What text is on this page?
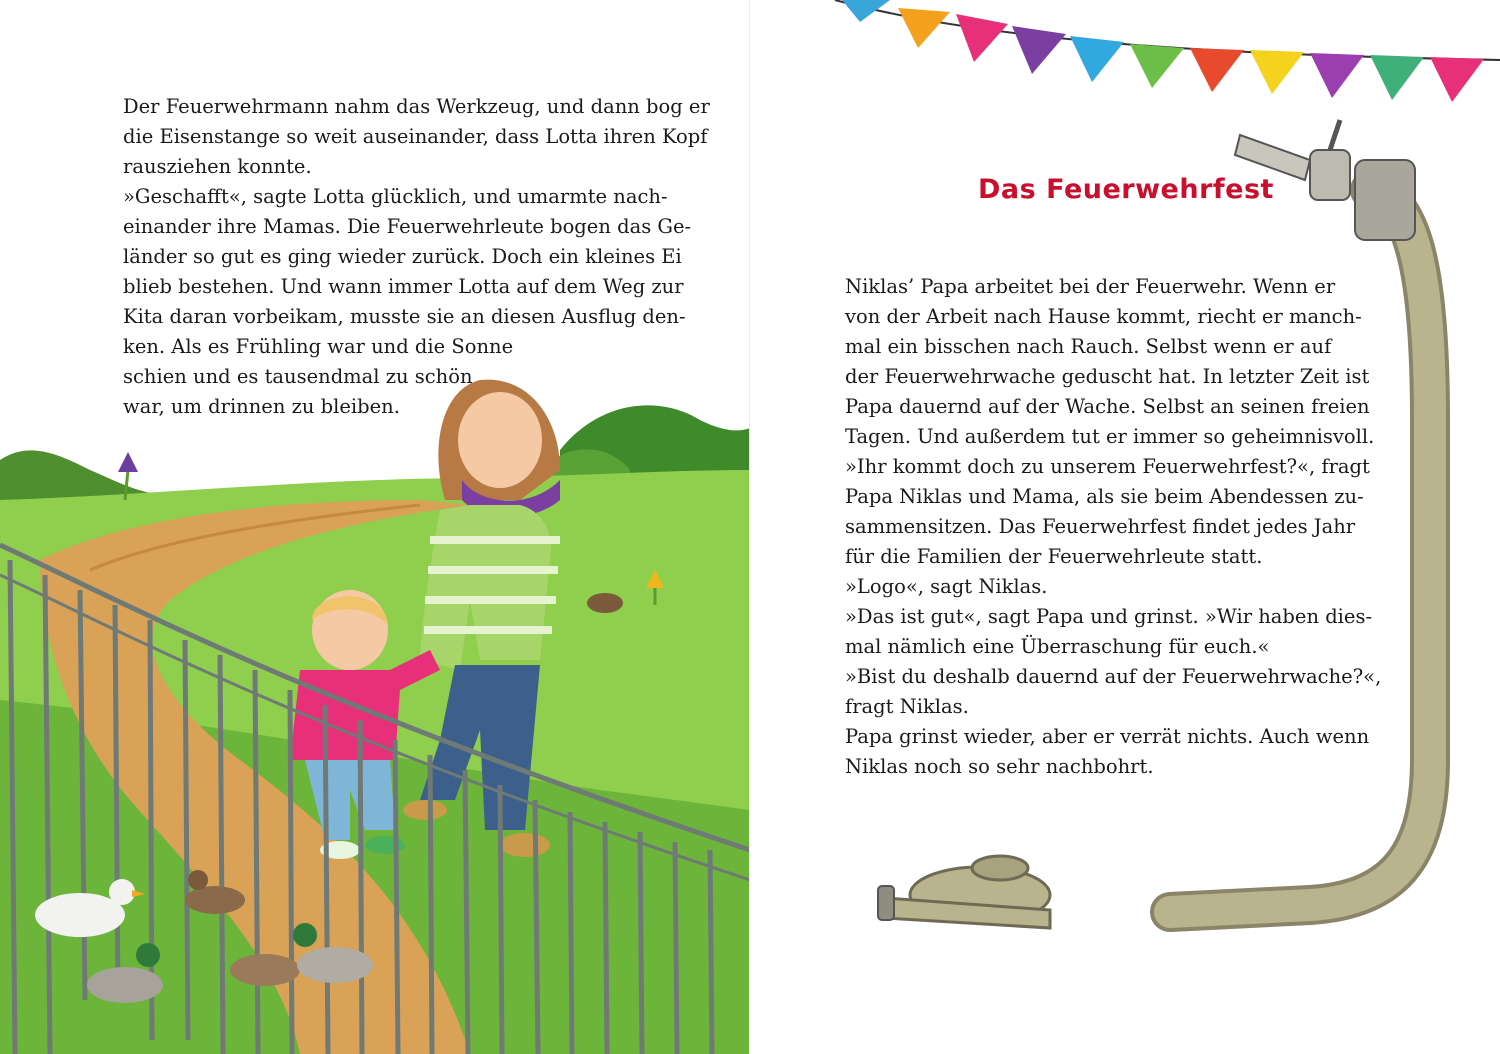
Der Feuerwehrmann nahm das Werkzeug, und dann bog er
die Eisenstange so weit auseinander, dass Lotta ihren Kopf
rausziehen konnte.
»Geschafft«, sagte Lotta glücklich, und umarmte nach-
einander ihre Mamas. Die Feuerwehrleute bogen das Ge-
länder so gut es ging wieder zurück. Doch ein kleines Ei
blieb bestehen. Und wann immer Lotta auf dem Weg zur
Kita daran vorbeikam, musste sie an diesen Ausflug den-
ken. Als es Frühling war und die Sonne
schien und es tausendmal zu schön
war, um drinnen zu bleiben.
Das Feuerwehrfest
Niklas’ Papa arbeitet bei der Feuerwehr. Wenn er
von der Arbeit nach Hause kommt, riecht er manch-
mal ein bisschen nach Rauch. Selbst wenn er auf
der Feuerwehrwache geduscht hat. In letzter Zeit ist
Papa dauernd auf der Wache. Selbst an seinen freien
Tagen. Und außerdem tut er immer so geheimnisvoll.
»Ihr kommt doch zu unserem Feuerwehrfest?«, fragt
Papa Niklas und Mama, als sie beim Abendessen zu-
sammensitzen. Das Feuerwehrfest findet jedes Jahr
für die Familien der Feuerwehrleute statt.
»Logo«, sagt Niklas.
»Das ist gut«, sagt Papa und grinst. »Wir haben dies-
mal nämlich eine Überraschung für euch.«
»Bist du deshalb dauernd auf der Feuerwehrwache?«,
fragt Niklas.
Papa grinst wieder, aber er verrät nichts. Auch wenn
Niklas noch so sehr nachbohrt.
